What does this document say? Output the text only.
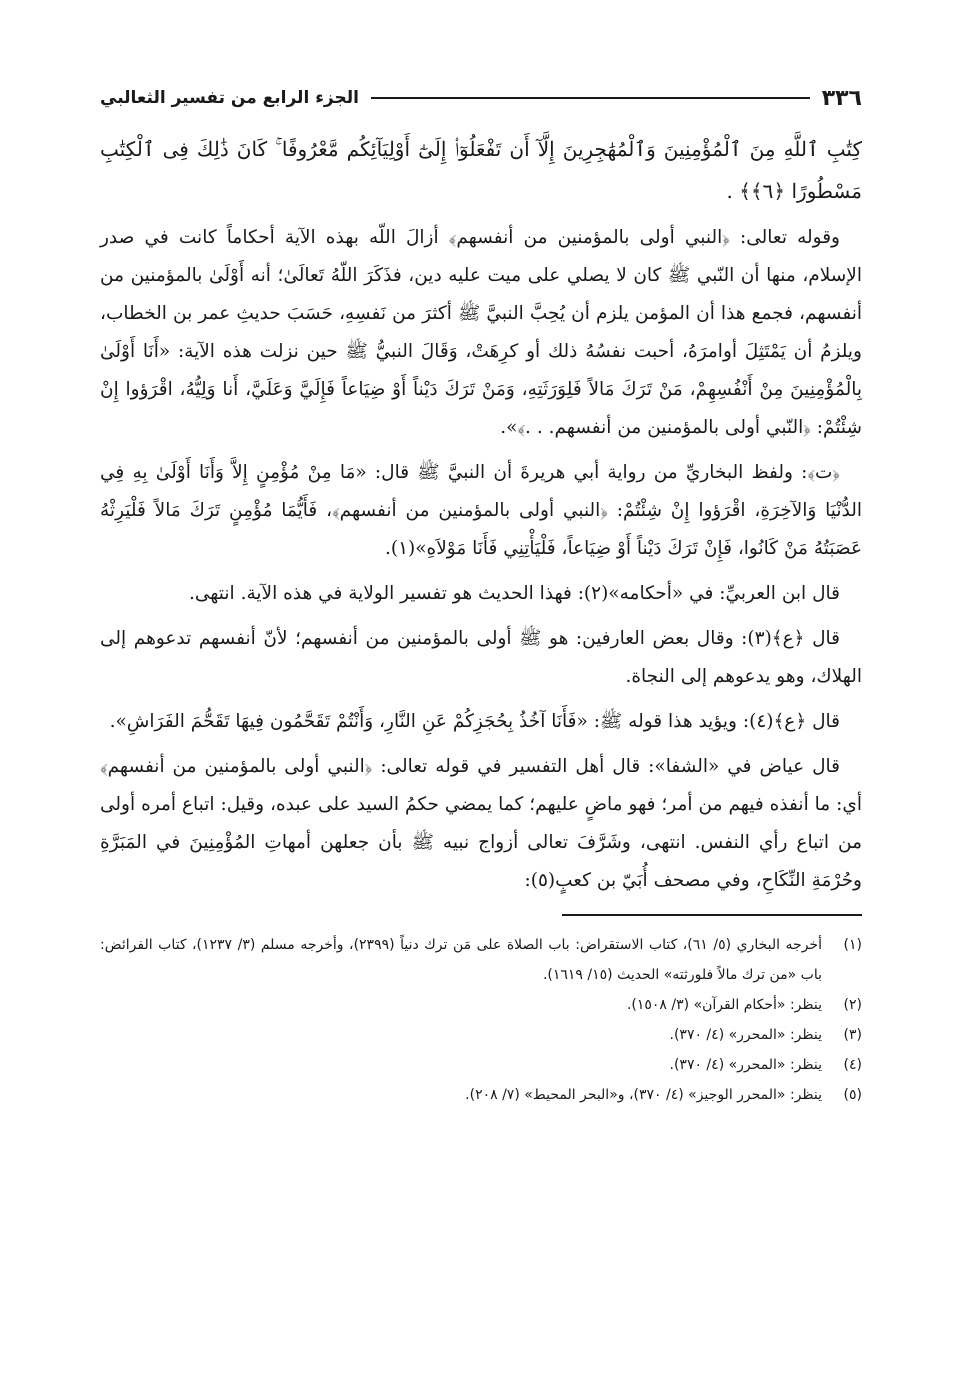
٣٣٦
الجزء الرابع من تفسير الثعالبي

كِتَٰبِ ٱللَّهِ مِنَ ٱلْمُؤْمِنِينَ وَٱلْمُهَٰجِرِينَ إِلَّآ أَن تَفْعَلُوٓا۟ إِلَىٰٓ أَوْلِيَآئِكُم مَّعْرُوفًا ۚ كَانَ ذَٰلِكَ فِى ٱلْكِتَٰبِ مَسْطُورًا ﴿٦﴾﴾ .

وقوله تعالى: ﴿النبي أولى بالمؤمنين من أنفسهم﴾ أزالَ اللّه بهذه الآية أحكاماً كانت في صدر الإسلام، منها أن النّبي ﷺ كان لا يصلي على ميت عليه دين، فذَكَرَ اللّهُ تَعالَىٰ؛ أنه أَوْلَىٰ بالمؤمنين من أنفسهم، فجمع هذا أن المؤمن يلزم أن يُحِبَّ النبيَّ ﷺ أكثرَ من نَفسِهِ، حَسَبَ حديثِ عمر بن الخطاب، ويلزمُ أن يَمْتَثِلَ أوامرَهُ، أحبت نفسُهُ ذلك أو كرِهَتْ، وَقَالَ النبيُّ ﷺ حين نزلت هذه الآية: «أَنَا أَوْلَىٰ بِالْمُؤْمِنِينَ مِنْ أَنْفُسِهِمْ، مَنْ تَرَكَ مَالاً فَلِوَرَثَتِهِ، وَمَنْ تَرَكَ دَيْناً أَوْ ضِيَاعاً فَإِلَيَّ وَعَلَيَّ، أَنا وَلِيُّهُ، اقْرَؤوا إِنْ شِئْتُمْ: ﴿النّبي أولى بالمؤمنين من أنفسهم. . .﴾».

﴿ت﴾: ولفظ البخاريِّ من رواية أبي هريرةَ أن النبيَّ ﷺ قال: «مَا مِنْ مُؤْمِنٍ إِلاَّ وَأَنَا أَوْلَىٰ بِهِ فِي الدُّنْيَا وَالآخِرَةِ، اقْرَؤوا إِنْ شِئْتُمْ: ﴿النبي أولى بالمؤمنين من أنفسهم﴾، فَأَيُّمَا مُؤْمِنٍ تَرَكَ مَالاً فَلْيَرِثْهُ عَصَبَتُهُ مَنْ كَانُوا، فَإِنْ تَرَكَ دَيْناً أَوْ ضِيَاعاً، فَلْيَأْتِنِي فَأَنَا مَوْلاَهِ»(١).

قال ابن العربيِّ: في «أحكامه»(٢): فهذا الحديث هو تفسير الولاية في هذه الآية. انتهى.

قال ﴿ع﴾(٣): وقال بعض العارفين: هو ﷺ أولى بالمؤمنين من أنفسهم؛ لأنّ أنفسهم تدعوهم إلى الهلاك، وهو يدعوهم إلى النجاة.

قال ﴿ع﴾(٤): ويؤيد هذا قوله ﷺ: «فَأَنَا آخُذُ بِحُجَزِكُمْ عَنِ النَّارِ، وَأَنْتُمْ تَقَحَّمُون فِيهَا تَقَحُّمَ الفَرَاشِ».

قال عياض في «الشفا»: قال أهل التفسير في قوله تعالى: ﴿النبي أولى بالمؤمنين من أنفسهم﴾ أي: ما أنفذه فيهم من أمر؛ فهو ماضٍ عليهم؛ كما يمضي حكمُ السيد على عبده، وقيل: اتباع أمره أولى من اتباع رأي النفس. انتهى، وشَرَّفَ تعالى أزواج نبيه ﷺ بأن جعلهن أمهاتِ المُؤْمِنِينَ في المَبَرَّةِ وحُرْمَةِ النِّكَاحِ، وفي مصحف أُبَيّ بن كعبٍ(٥):

(١)
أخرجه البخاري (٥/ ٦١)، كتاب الاستقراض: باب الصلاة على مَن ترك دنياً (٢٣٩٩)، وأخرجه مسلم (٣/ ١٢٣٧)، كتاب الفرائض: باب «من ترك مالاً فلورثته» الحديث (١٥/ ١٦١٩).
(٢)
ينظر: «أحكام القرآن» (٣/ ١٥٠٨).
(٣)
ينظر: «المحرر» (٤/ ٣٧٠).
(٤)
ينظر: «المحرر» (٤/ ٣٧٠).
(٥)
ينظر: «المحرر الوجيز» (٤/ ٣٧٠)، و«البحر المحيط» (٧/ ٢٠٨).
